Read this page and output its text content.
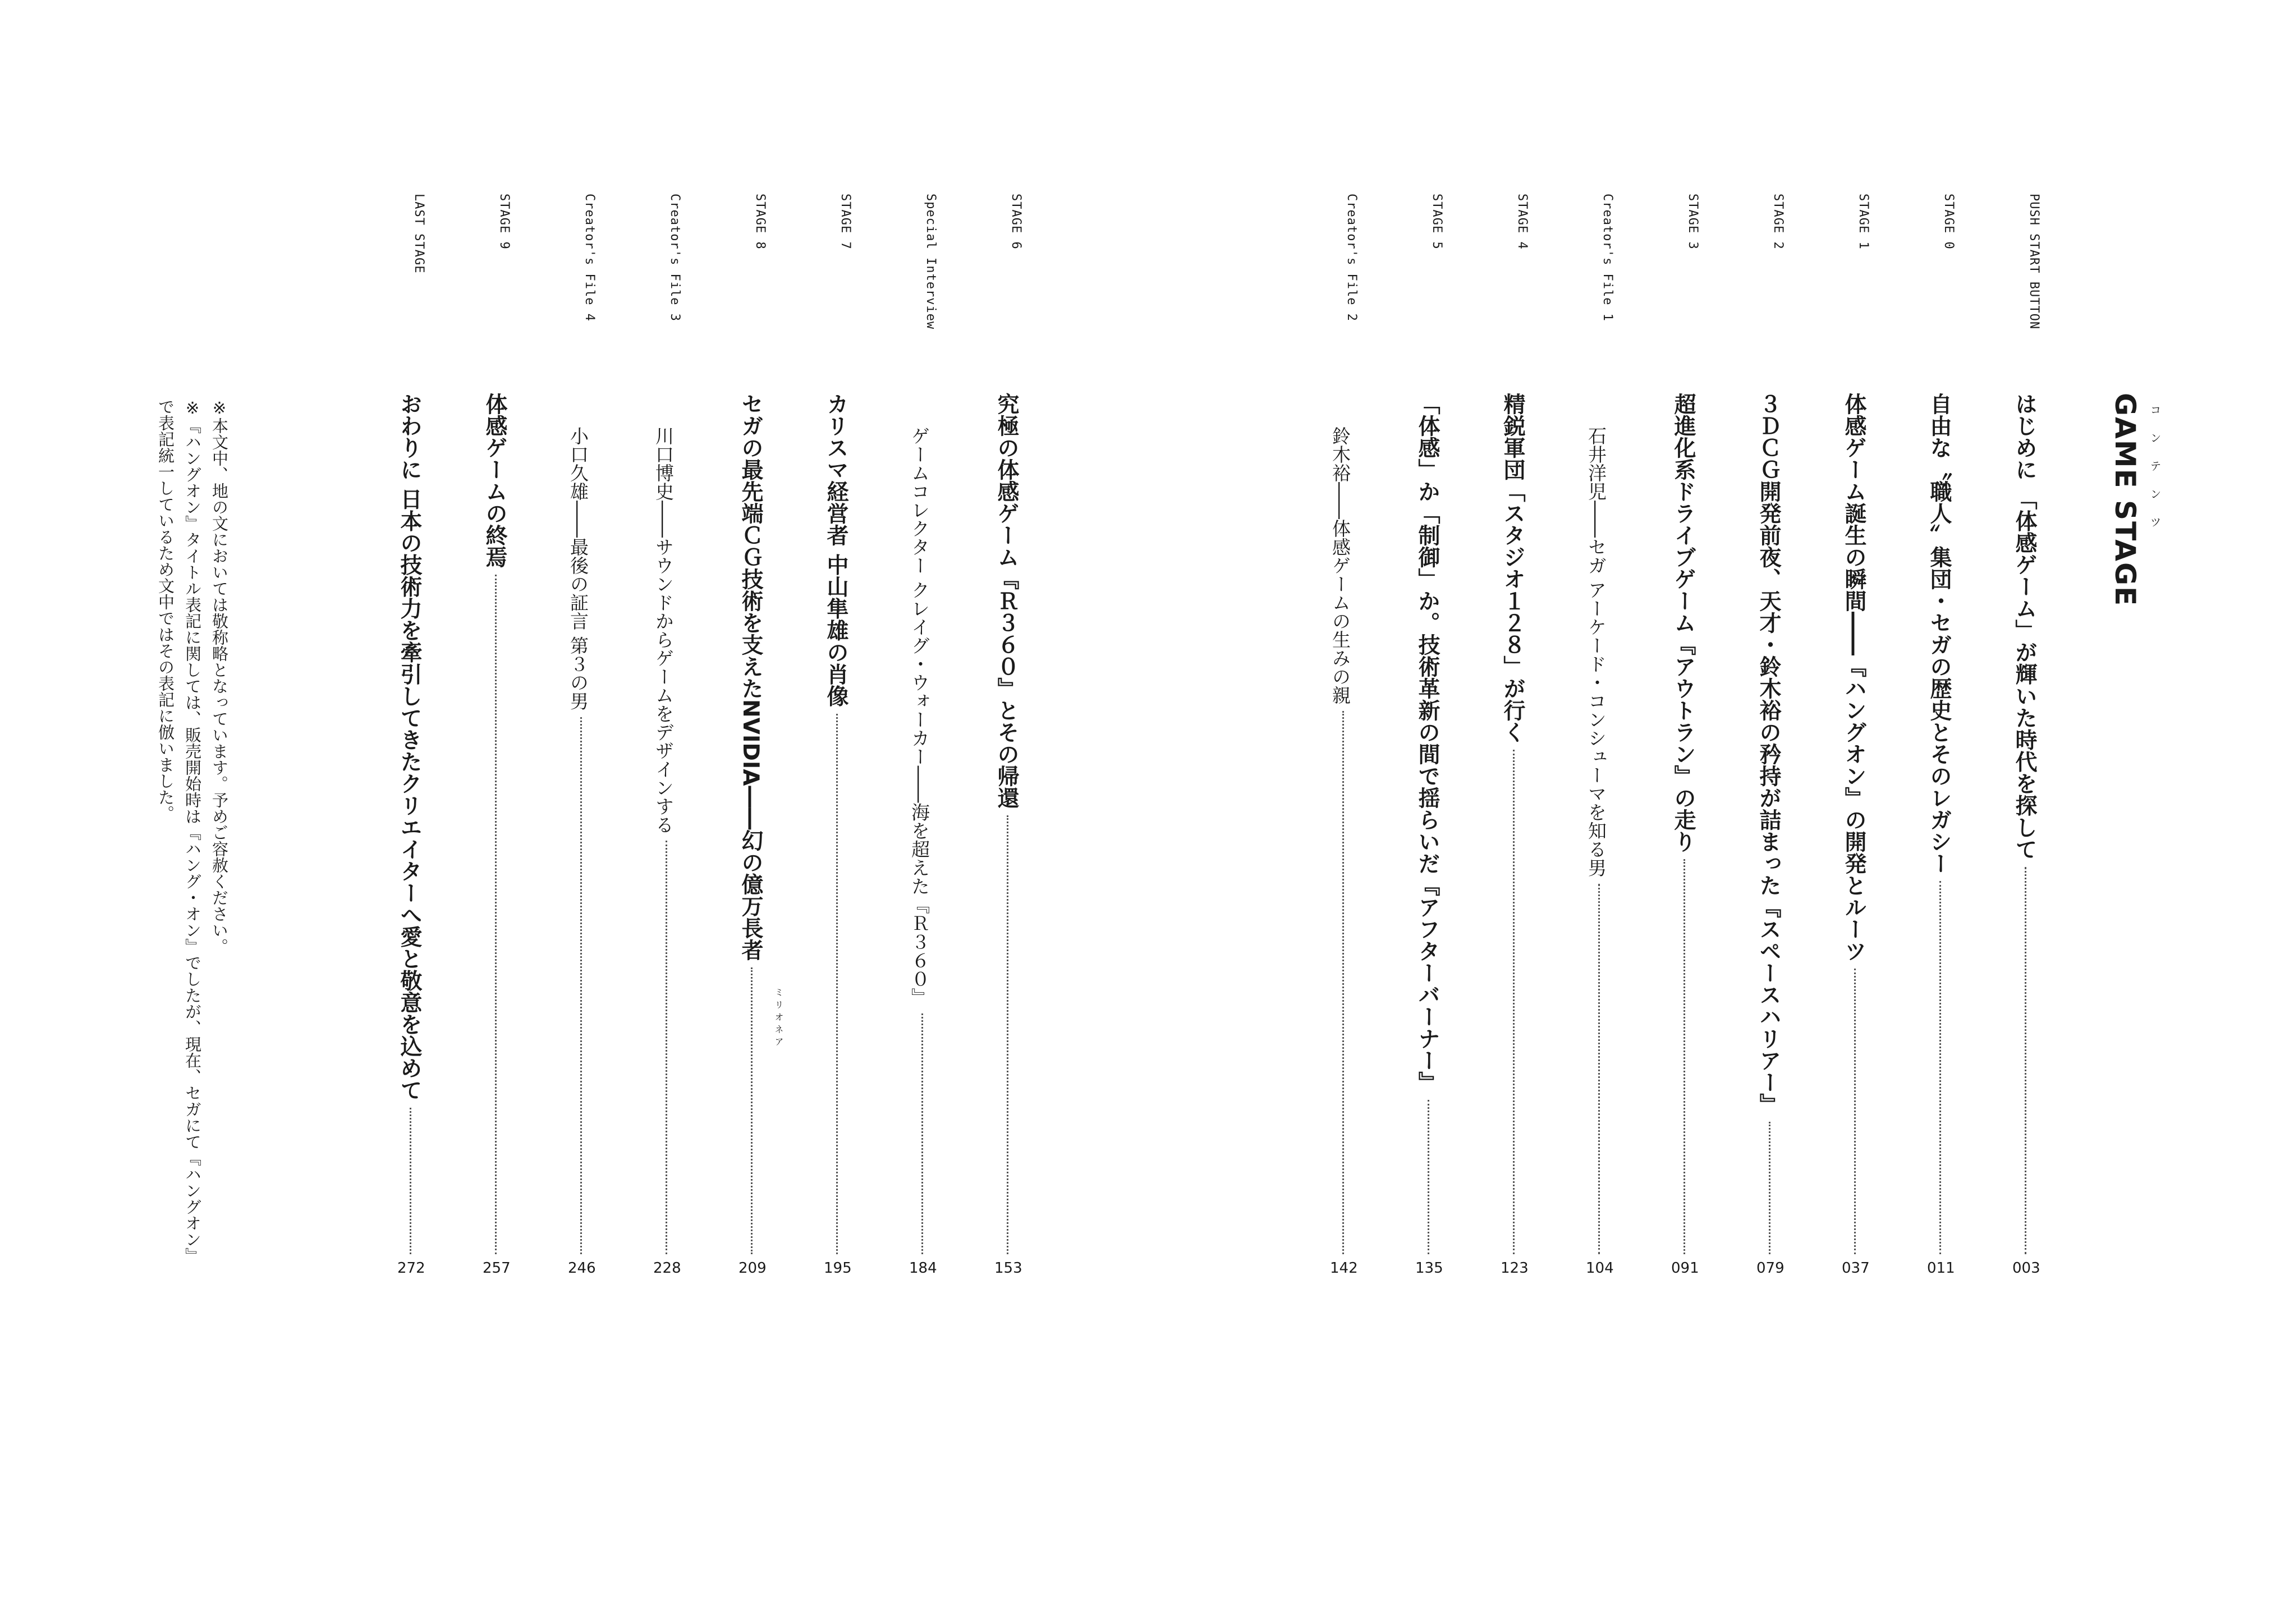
GAME STAGE コンテンツ
PUSH START BUTTON
はじめに 「体感ゲーム」が輝いた時代を探して
003
STAGE 0
自由な〝職人〟集団・セガの歴史とそのレガシー
011
STAGE 1
体感ゲーム誕生の瞬間――『ハングオン』の開発とルーツ
037
STAGE 2
３ＤＣＧ開発前夜、天才・鈴木裕の矜持が詰まった『スペースハリアー』
079
STAGE 3
超進化系ドライブゲーム『アウトラン』の走り
091
Creator's File 1
石井洋児――セガ アーケード・コンシューマを知る男
104
STAGE 4
精鋭軍団「スタジオ１２８」が行く
123
STAGE 5
「体感」か「制御」か。技術革新の間で揺らいだ『アフターバーナー』
135
Creator's File 2
鈴木裕――体感ゲームの生みの親
142
STAGE 6
究極の体感ゲーム『Ｒ３６０』とその帰還
153
Special Interview
ゲームコレクター クレイグ・ウォーカー――海を超えた『Ｒ３６０』
184
STAGE 7
カリスマ経営者 中山隼雄の肖像
195
STAGE 8
セガの最先端ＣＧ技術を支えたNVIDIA――幻の億万長者
209
Creator's File 3
川口博史――サウンドからゲームをデザインする
228
Creator's File 4
小口久雄――最後の証言 第３の男
246
STAGE 9
体感ゲームの終焉
257
LAST STAGE
おわりに 日本の技術力を牽引してきたクリエイターへ愛と敬意を込めて
272
ミリオネア
※本文中、地の文においては敬称略となっています。予めご容赦ください。
※『ハングオン』タイトル表記に関しては、販売開始時は『ハング・オン』でしたが、現在、セガにて『ハングオン』
で表記統一しているため文中ではその表記に倣いました。
